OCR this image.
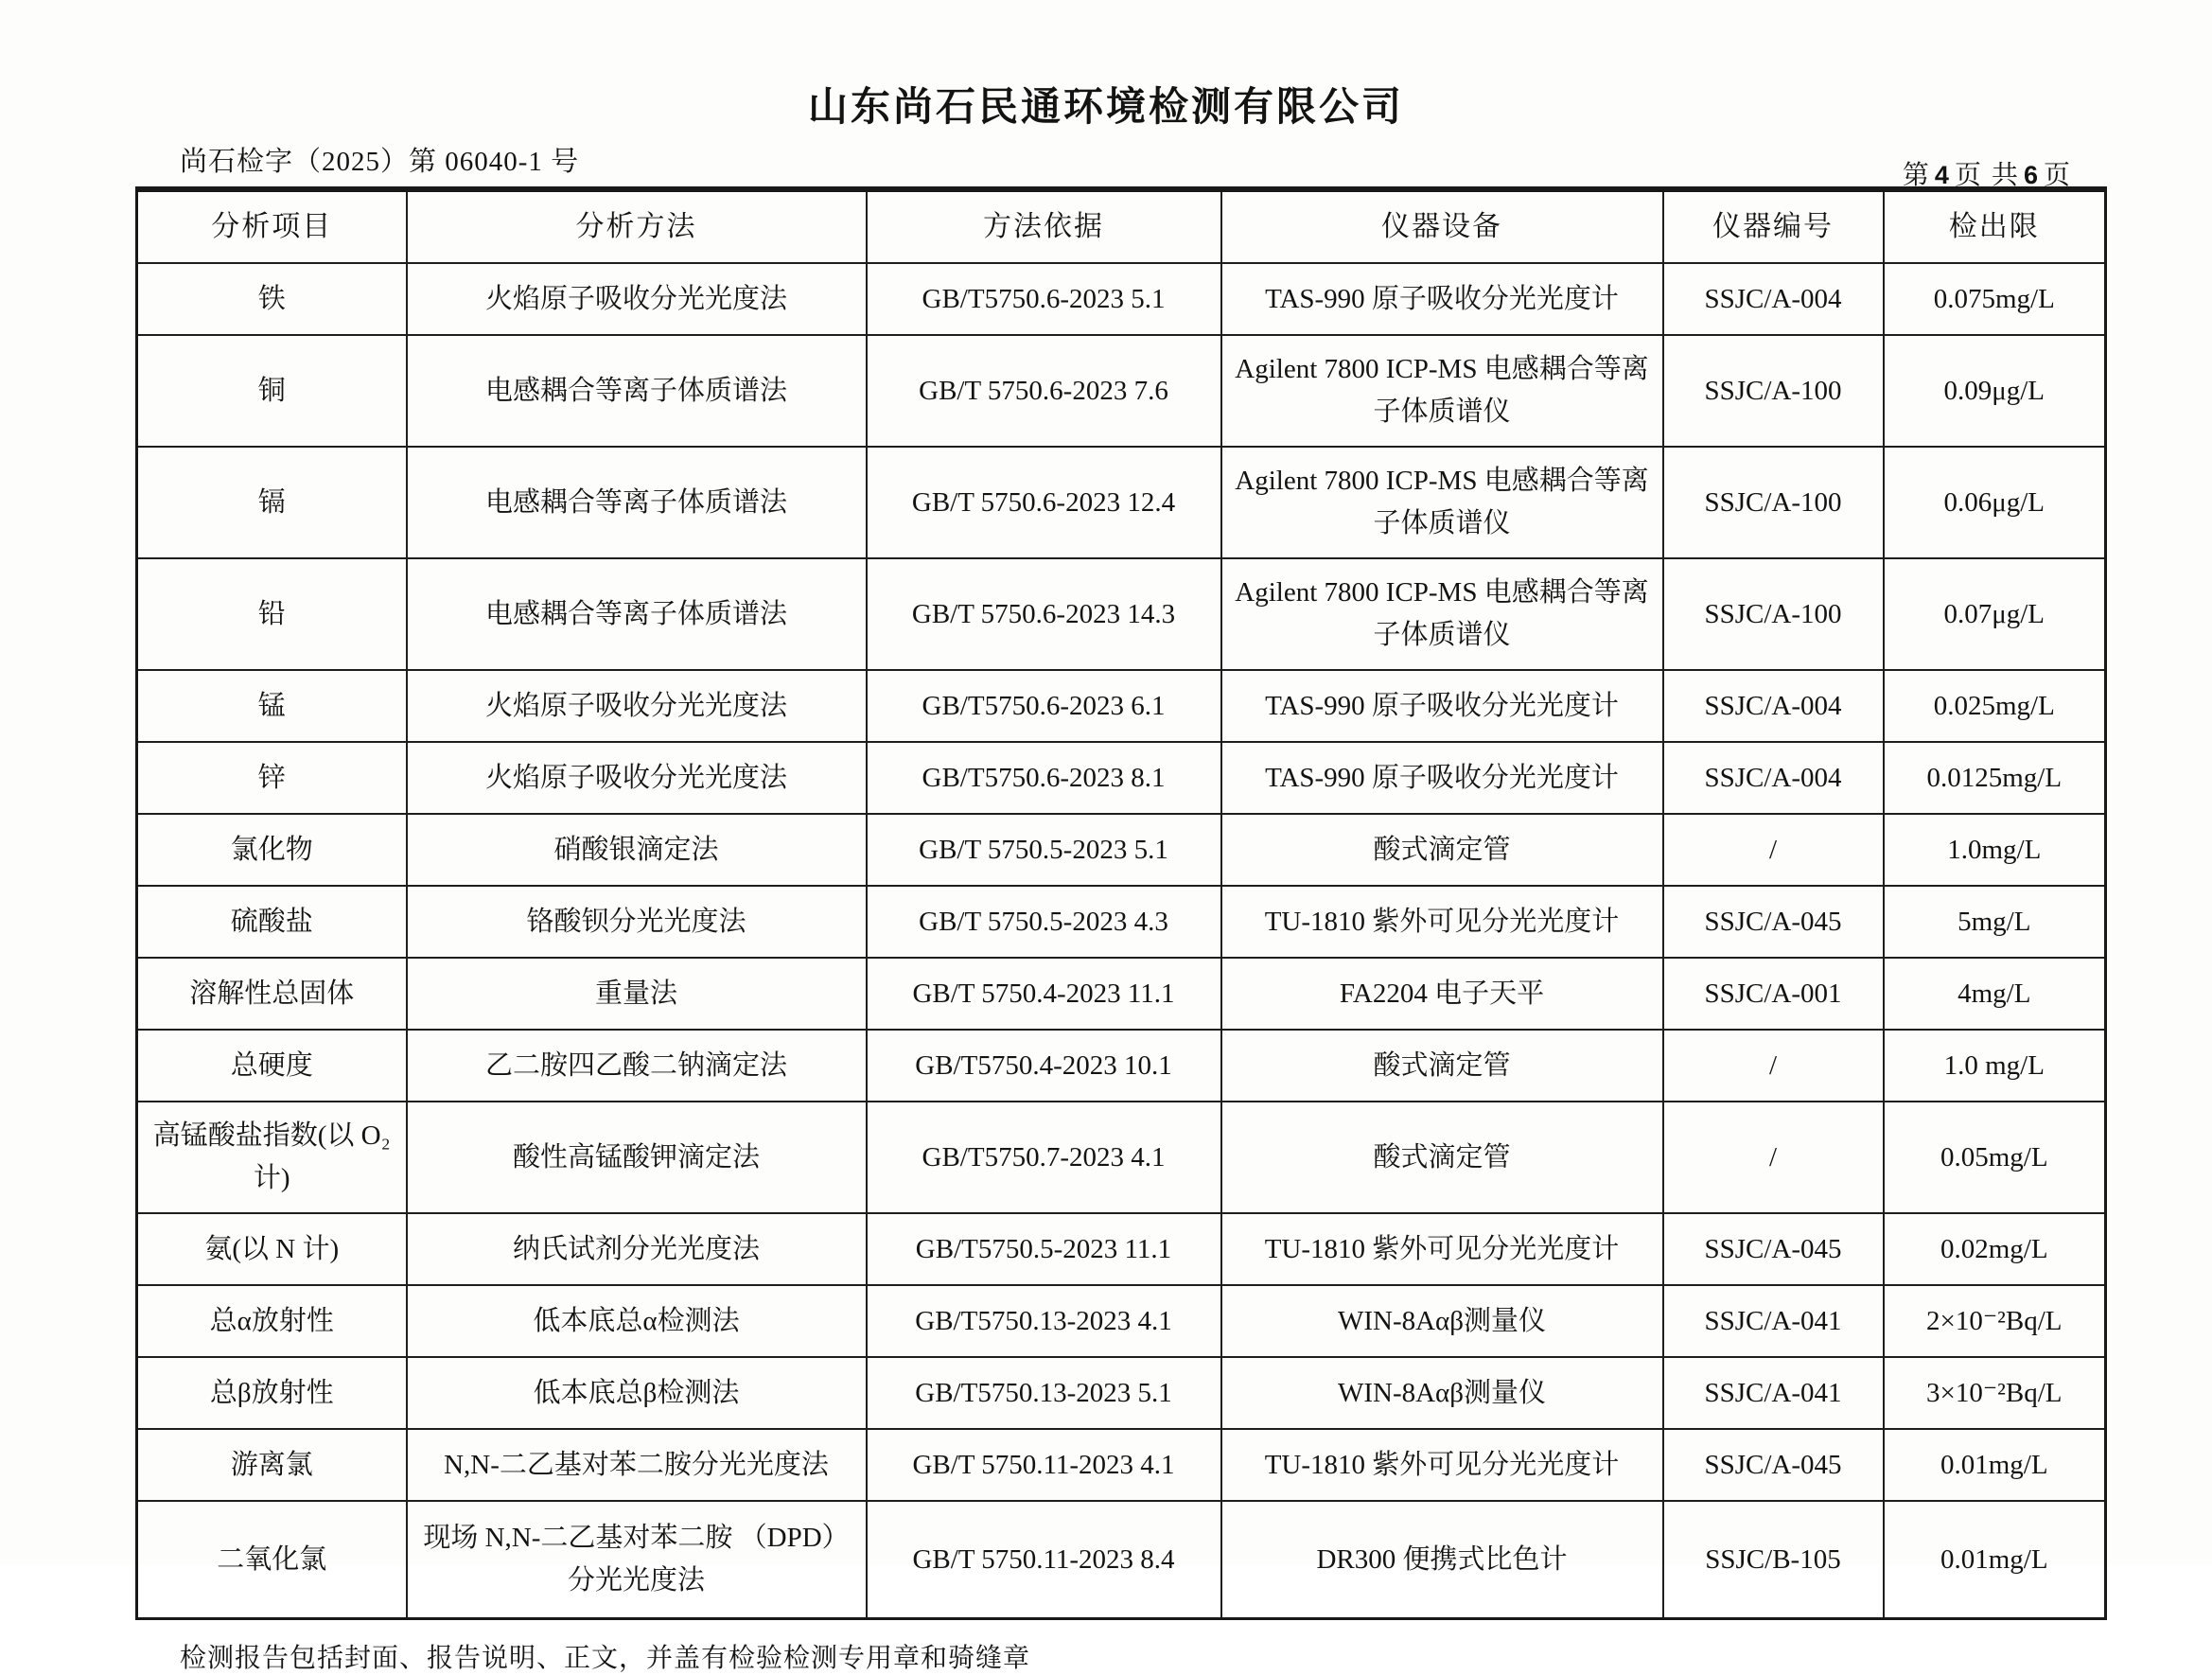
山东尚石民通环境检测有限公司
尚石检字（2025）第 06040-1 号	第 4 页 共 6 页
分析项目	分析方法	方法依据	仪器设备	仪器编号	检出限
铁	火焰原子吸收分光光度法	GB/T5750.6-2023 5.1	TAS-990 原子吸收分光光度计	SSJC/A-004	0.075mg/L
铜	电感耦合等离子体质谱法	GB/T 5750.6-2023 7.6	Agilent 7800 ICP-MS 电感耦合等离子体质谱仪	SSJC/A-100	0.09μg/L
镉	电感耦合等离子体质谱法	GB/T 5750.6-2023 12.4	Agilent 7800 ICP-MS 电感耦合等离子体质谱仪	SSJC/A-100	0.06μg/L
铅	电感耦合等离子体质谱法	GB/T 5750.6-2023 14.3	Agilent 7800 ICP-MS 电感耦合等离子体质谱仪	SSJC/A-100	0.07μg/L
锰	火焰原子吸收分光光度法	GB/T5750.6-2023 6.1	TAS-990 原子吸收分光光度计	SSJC/A-004	0.025mg/L
锌	火焰原子吸收分光光度法	GB/T5750.6-2023 8.1	TAS-990 原子吸收分光光度计	SSJC/A-004	0.0125mg/L
氯化物	硝酸银滴定法	GB/T 5750.5-2023 5.1	酸式滴定管	/	1.0mg/L
硫酸盐	铬酸钡分光光度法	GB/T 5750.5-2023 4.3	TU-1810 紫外可见分光光度计	SSJC/A-045	5mg/L
溶解性总固体	重量法	GB/T 5750.4-2023 11.1	FA2204 电子天平	SSJC/A-001	4mg/L
总硬度	乙二胺四乙酸二钠滴定法	GB/T5750.4-2023 10.1	酸式滴定管	/	1.0 mg/L
高锰酸盐指数(以 O₂ 计)	酸性高锰酸钾滴定法	GB/T5750.7-2023 4.1	酸式滴定管	/	0.05mg/L
氨(以 N 计)	纳氏试剂分光光度法	GB/T5750.5-2023 11.1	TU-1810 紫外可见分光光度计	SSJC/A-045	0.02mg/L
总α放射性	低本底总α检测法	GB/T5750.13-2023 4.1	WIN-8Aαβ测量仪	SSJC/A-041	2×10⁻²Bq/L
总β放射性	低本底总β检测法	GB/T5750.13-2023 5.1	WIN-8Aαβ测量仪	SSJC/A-041	3×10⁻²Bq/L
游离氯	N,N-二乙基对苯二胺分光光度法	GB/T 5750.11-2023 4.1	TU-1810 紫外可见分光光度计	SSJC/A-045	0.01mg/L
二氧化氯	现场 N,N-二乙基对苯二胺 （DPD）分光光度法	GB/T 5750.11-2023 8.4	DR300 便携式比色计	SSJC/B-105	0.01mg/L
检测报告包括封面、报告说明、正文，并盖有检验检测专用章和骑缝章
